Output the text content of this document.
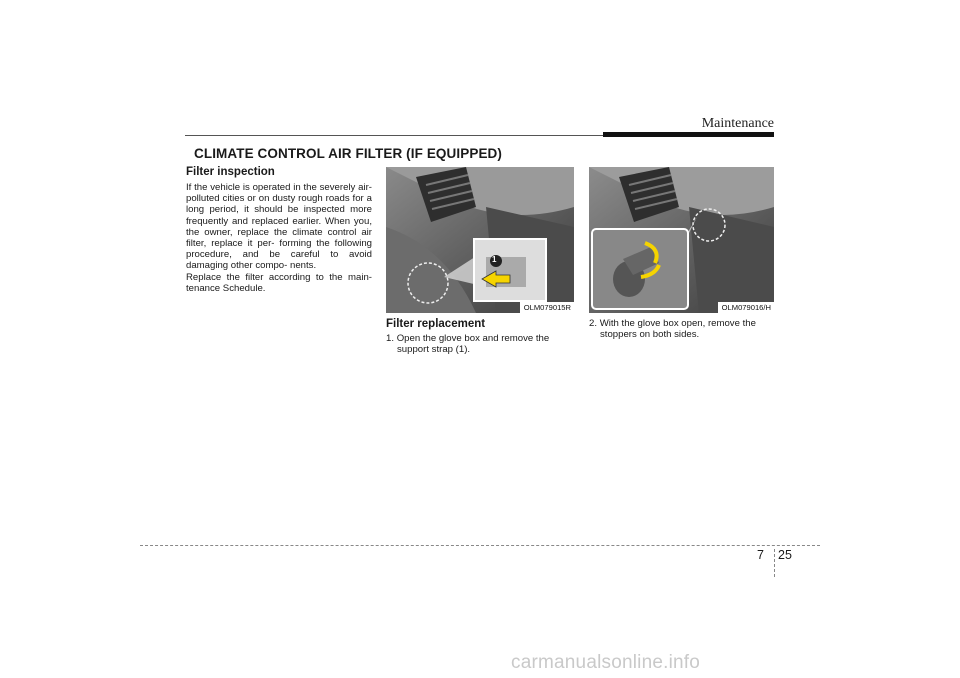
Maintenance
CLIMATE CONTROL AIR FILTER (IF EQUIPPED)
Filter inspection

If the vehicle is operated in the severely air-polluted cities or on dusty rough roads for a long period, it should be inspected more frequently and replaced earlier. When you, the owner, replace the climate control air filter, replace it per- forming the following procedure, and be careful to avoid damaging other compo- nents.

Replace the filter according to the main- tenance Schedule.

1
OLM079015R	OLM079016/H
Filter replacement
1. Open the glove box and remove the
support strap (1).
2. With the glove box open, remove the
stoppers on both sides.
7 25
carmanualsonline.info
